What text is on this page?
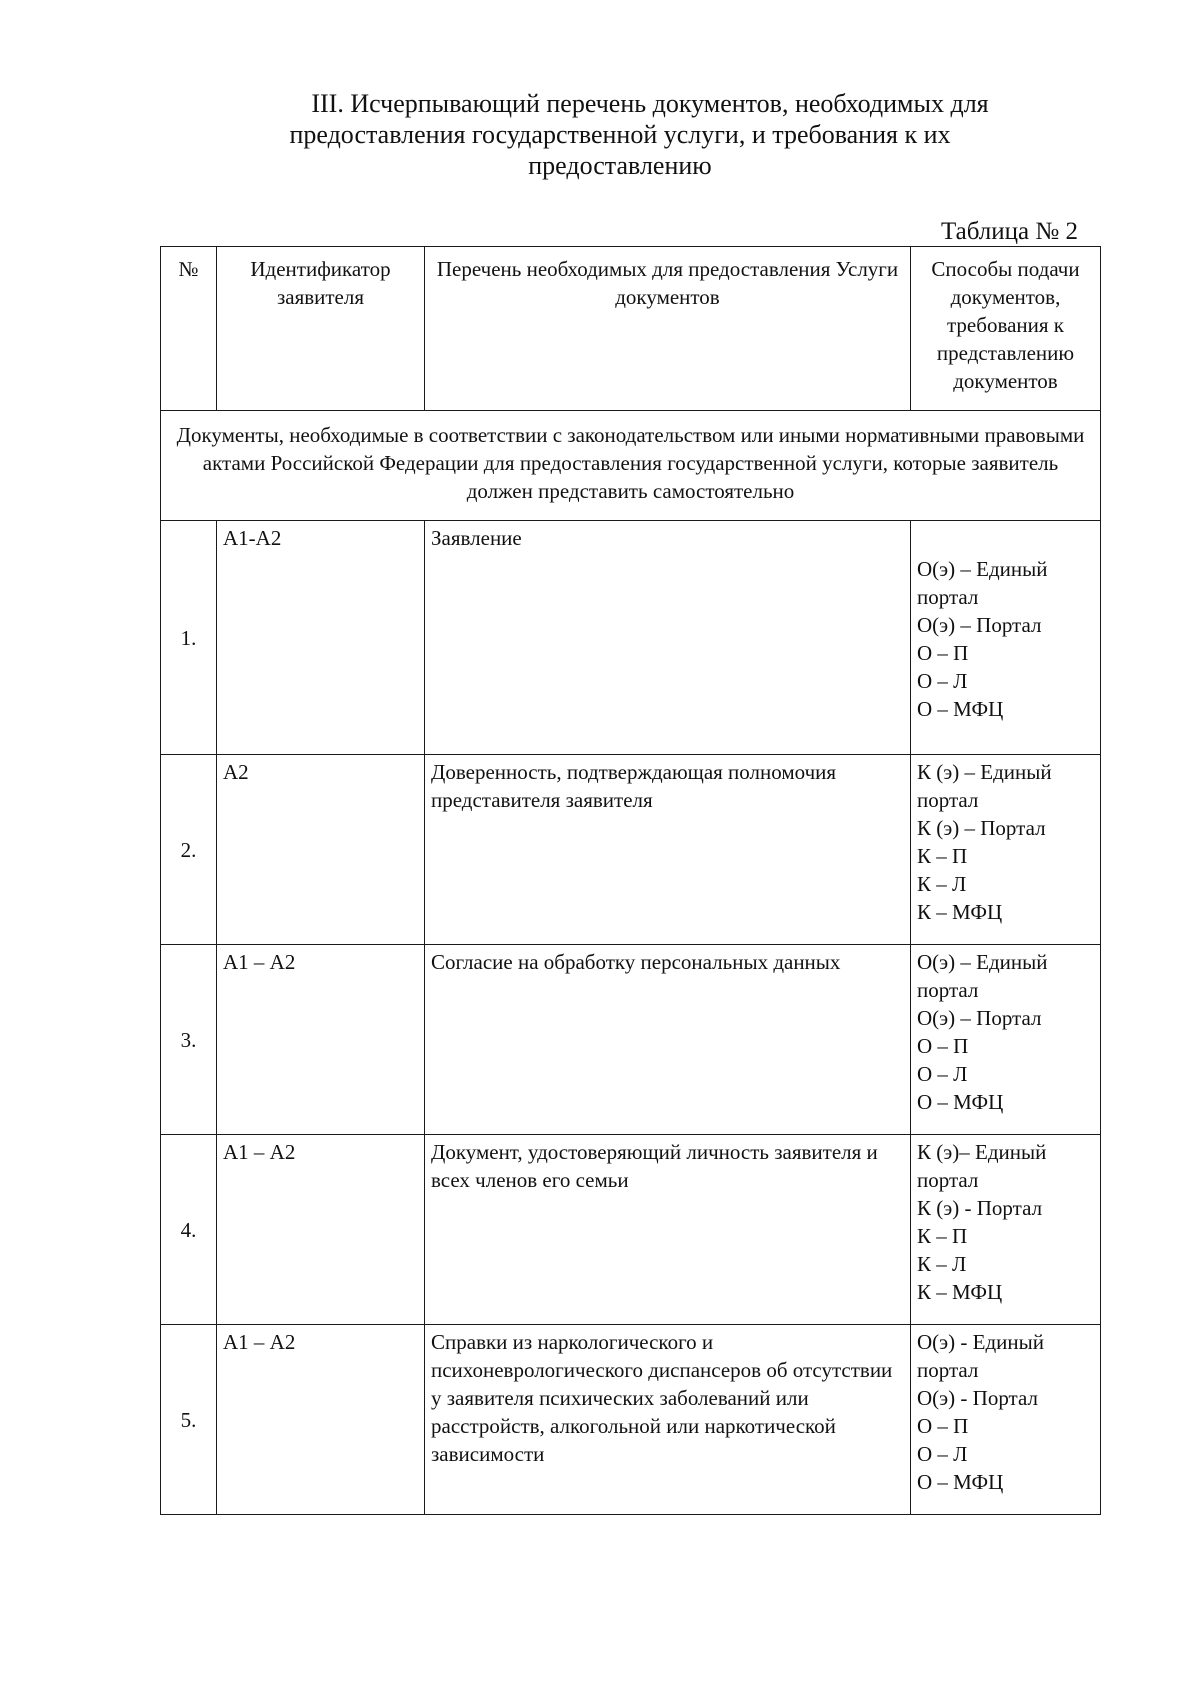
III. Исчерпывающий перечень документов, необходимых для
предоставления государственной услуги, и требования к их
предоставлению
Таблица № 2
№	Идентификатор заявителя	Перечень необходимых для предоставления Услуги документов	Способы подачи документов, требования к представлению документов
Документы, необходимые в соответствии с законодательством или иными нормативными правовыми актами Российской Федерации для предоставления государственной услуги, которые заявитель должен представить самостоятельно			
1.	А1-А2	Заявление	О(э) – Единый портал
О(э) – Портал
О – П
О – Л
О – МФЦ

2.	А2	Доверенность, подтверждающая полномочия представителя заявителя	К (э) – Единый портал
К (э) – Портал
К – П
К – Л
К – МФЦ

3.	А1 – А2	Согласие на обработку персональных данных	О(э) – Единый портал
О(э) – Портал
О – П
О – Л
О – МФЦ

4.	А1 – А2	Документ, удостоверяющий личность заявителя и всех членов его семьи	К (э)– Единый портал
К (э) - Портал
К – П
К – Л
К – МФЦ

5.	А1 – А2	Справки из наркологического и психоневрологического диспансеров об отсутствии у заявителя психических заболеваний или расстройств, алкогольной или наркотической зависимости	О(э) - Единый портал
О(э) - Портал
О – П
О – Л
О – МФЦ
